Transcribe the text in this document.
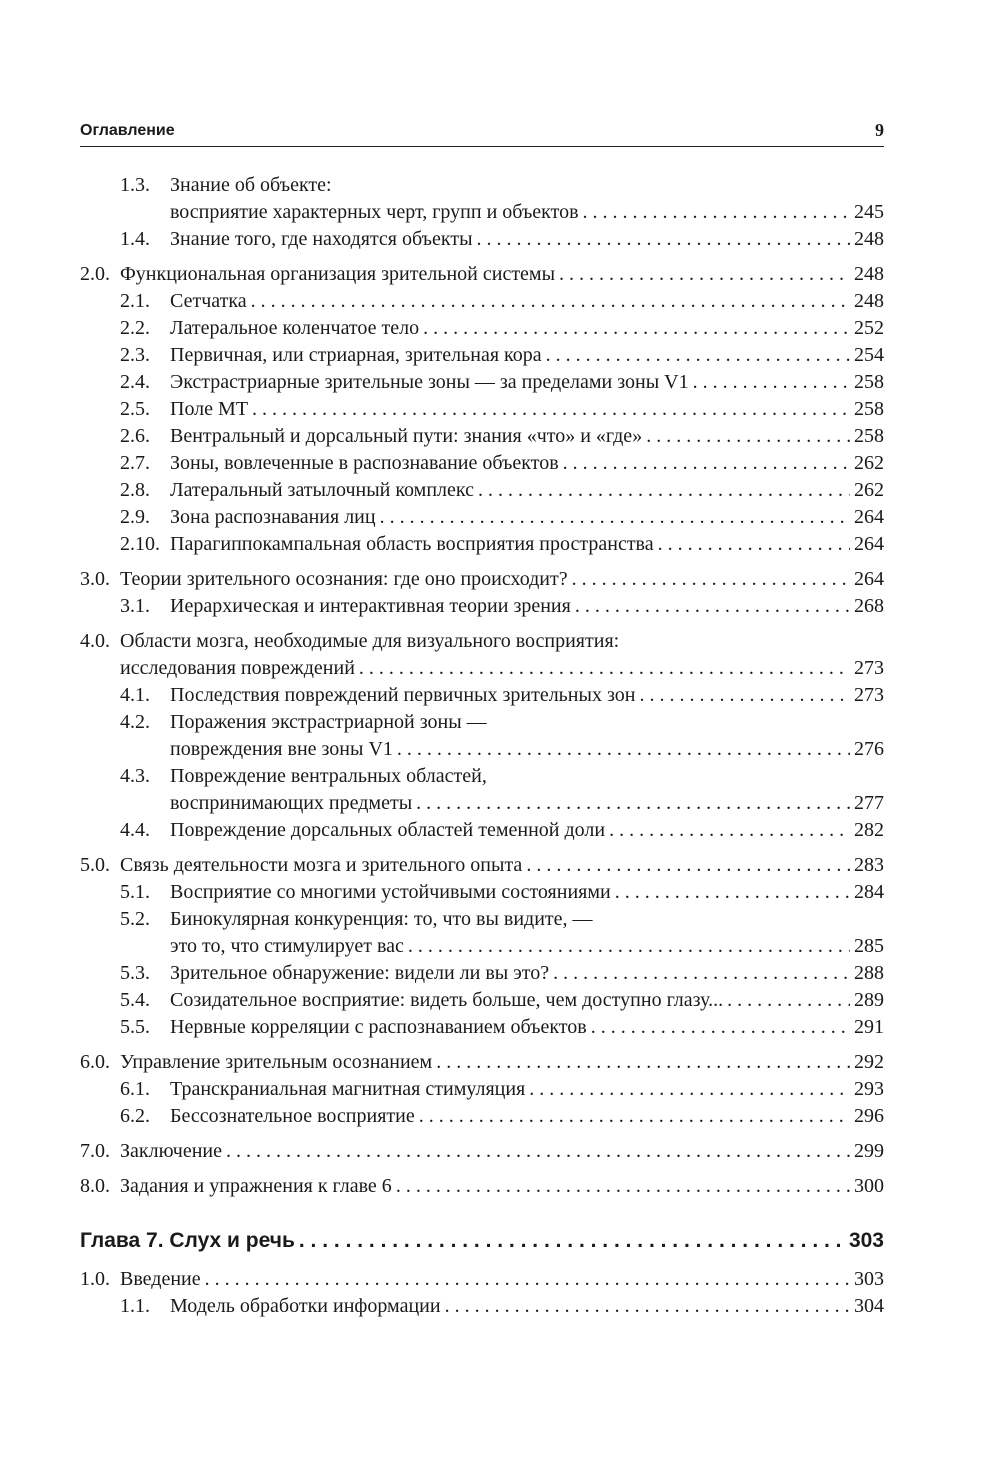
Оглавление	9
1.3.	Знание об объекте:
восприятие характерных черт, групп и объектов . . .	245
1.4.	Знание того, где находятся объекты . . .	248
2.0. Функциональная организация зрительной системы . . .	248
2.1.	Сетчатка . . .	248
2.2.	Латеральное коленчатое тело . . .	252
2.3.	Первичная, или стриарная, зрительная кора . . .	254
2.4.	Экстрастриарные зрительные зоны — за пределами зоны V1 . . .	258
2.5.	Поле МТ . . .	258
2.6.	Вентральный и дорсальный пути: знания «что» и «где» . . .	258
2.7.	Зоны, вовлеченные в распознавание объектов . . .	262
2.8.	Латеральный затылочный комплекс . . .	262
2.9.	Зона распознавания лиц . . .	264
2.10. Парагиппокампальная область восприятия пространства . . .	264
3.0. Теории зрительного осознания: где оно происходит? . . .	264
3.1.	Иерархическая и интерактивная теории зрения . . .	268
4.0. Области мозга, необходимые для визуального восприятия:
исследования повреждений . . .	273
4.1.	Последствия повреждений первичных зрительных зон . . .	273
4.2.	Поражения экстрастриарной зоны —
повреждения вне зоны V1 . . .	276
4.3.	Повреждение вентральных областей,
воспринимающих предметы . . .	277
4.4.	Повреждение дорсальных областей теменной доли . . .	282
5.0. Связь деятельности мозга и зрительного опыта . . .	283
5.1.	Восприятие со многими устойчивыми состояниями . . .	284
5.2.	Бинокулярная конкуренция: то, что вы видите, —
это то, что стимулирует вас . . .	285
5.3.	Зрительное обнаружение: видели ли вы это? . . .	288
5.4.	Созидательное восприятие: видеть больше, чем доступно глазу... . . .	289
5.5.	Нервные корреляции с распознаванием объектов . . .	291
6.0. Управление зрительным осознанием . . .	292
6.1.	Транскраниальная магнитная стимуляция . . .	293
6.2.	Бессознательное восприятие . . .	296
7.0. Заключение . . .	299
8.0. Задания и упражнения к главе 6 . . .	300
Глава 7. Слух и речь . . .	303
1.0. Введение . . .	303
1.1.	Модель обработки информации . . .	304
